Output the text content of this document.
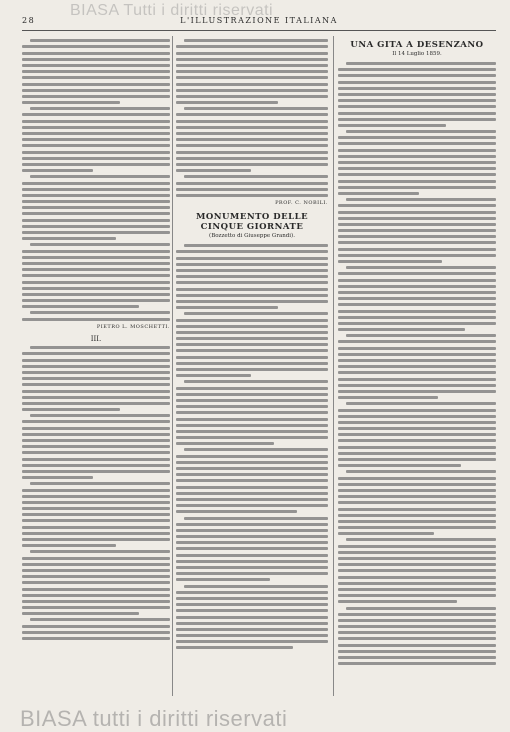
BIASA Tutti i diritti riservati
28	L'ILLUSTRAZIONE ITALIANA
PIETRO L. MOSCHETTI.
III.
PROF. C. NOBILI.
MONUMENTO DELLE CINQUE GIORNATE
(Bozzetto di Giuseppe Grandi).
UNA GITA A DESENZANO
Il 14 Luglio 1859.
BIASA tutti i diritti riservati
